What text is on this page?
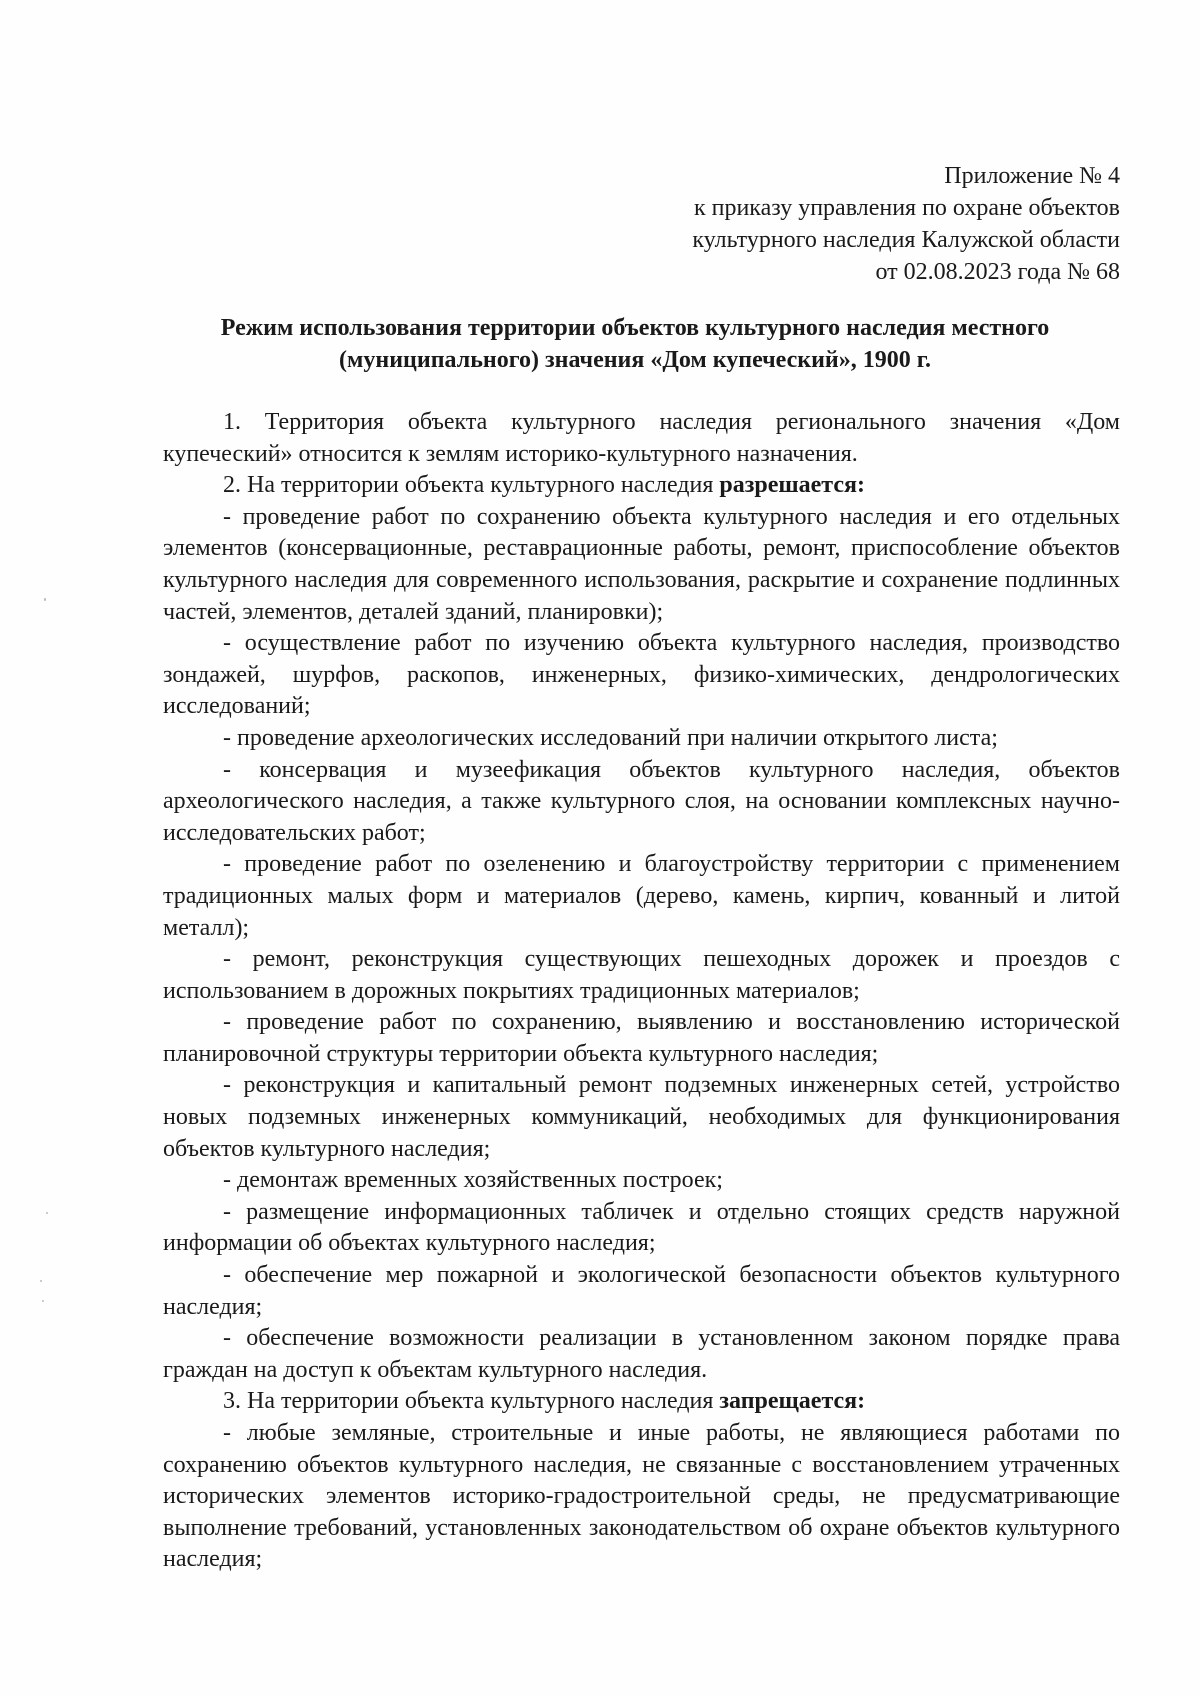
Приложение № 4
к приказу управления по охране объектов
культурного наследия Калужской области
от 02.08.2023 года № 68
Режим использования территории объектов культурного наследия местного
(муниципального) значения «Дом купеческий», 1900 г.

1. Территория объекта культурного наследия регионального значения «Дом купеческий» относится к землям историко-культурного назначения.

2. На территории объекта культурного наследия разрешается:

- проведение работ по сохранению объекта культурного наследия и его отдельных элементов (консервационные, реставрационные работы, ремонт, приспособление объектов культурного наследия для современного использования, раскрытие и сохранение подлинных частей, элементов, деталей зданий, планировки);

- осуществление работ по изучению объекта культурного наследия, производство зондажей, шурфов, раскопов, инженерных, физико-химических, дендрологических исследований;

- проведение археологических исследований при наличии открытого листа;

- консервация и музеефикация объектов культурного наследия, объектов археологического наследия, а также культурного слоя, на основании комплексных научно-исследовательских работ;

- проведение работ по озеленению и благоустройству территории с применением традиционных малых форм и материалов (дерево, камень, кирпич, кованный и литой металл);

- ремонт, реконструкция существующих пешеходных дорожек и проездов с использованием в дорожных покрытиях традиционных материалов;

- проведение работ по сохранению, выявлению и восстановлению исторической планировочной структуры территории объекта культурного наследия;

- реконструкция и капитальный ремонт подземных инженерных сетей, устройство новых подземных инженерных коммуникаций, необходимых для функционирования объектов культурного наследия;

- демонтаж временных хозяйственных построек;

- размещение информационных табличек и отдельно стоящих средств наружной информации об объектах культурного наследия;

- обеспечение мер пожарной и экологической безопасности объектов культурного наследия;

- обеспечение возможности реализации в установленном законом порядке права граждан на доступ к объектам культурного наследия.

3. На территории объекта культурного наследия запрещается:

- любые земляные, строительные и иные работы, не являющиеся работами по сохранению объектов культурного наследия, не связанные с восстановлением утраченных исторических элементов историко-градостроительной среды, не предусматривающие выполнение требований, установленных законодательством об охране объектов культурного наследия;
